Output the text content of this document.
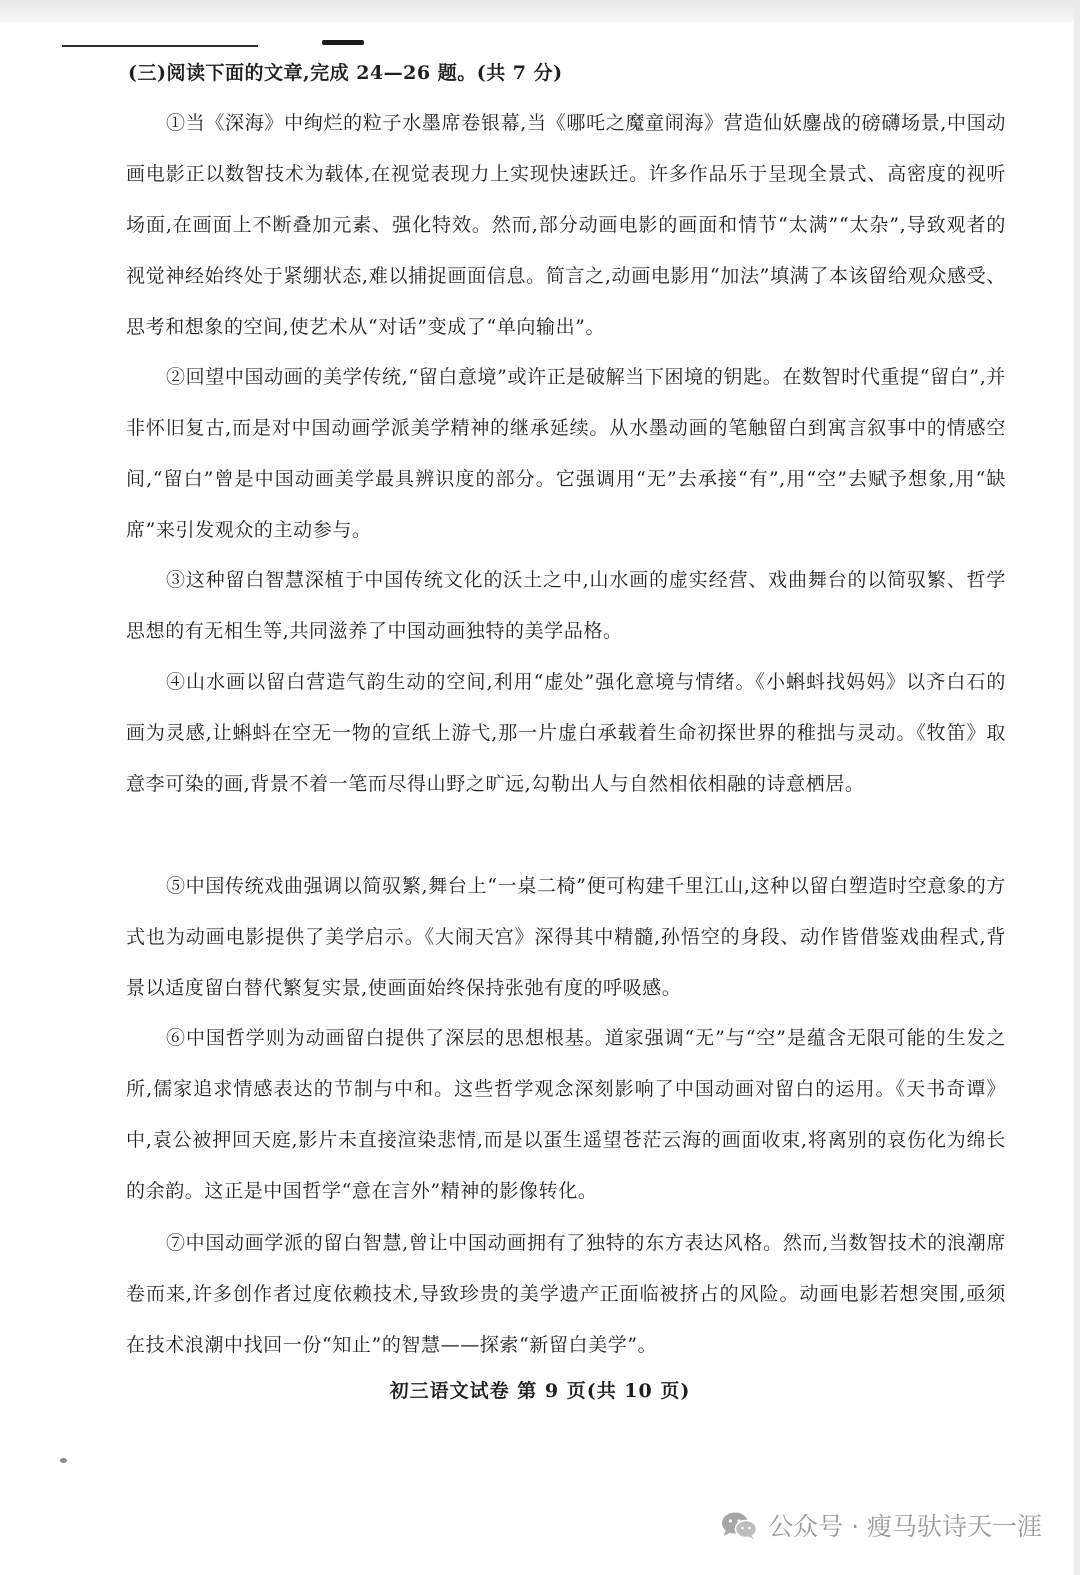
(三)阅读下面的文章,完成 24—26 题。(共 7 分)

①当《深海》中绚烂的粒子水墨席卷银幕,当《哪吒之魔童闹海》营造仙妖鏖战的磅礴场景,中国动画电影正以数智技术为载体,在视觉表现力上实现快速跃迁。许多作品乐于呈现全景式、高密度的视听场面,在画面上不断叠加元素、强化特效。然而,部分动画电影的画面和情节“太满”“太杂”,导致观者的视觉神经始终处于紧绷状态,难以捕捉画面信息。简言之,动画电影用“加法”填满了本该留给观众感受、思考和想象的空间,使艺术从“对话”变成了“单向输出”。

②回望中国动画的美学传统,“留白意境”或许正是破解当下困境的钥匙。在数智时代重提“留白”,并非怀旧复古,而是对中国动画学派美学精神的继承延续。从水墨动画的笔触留白到寓言叙事中的情感空间,“留白”曾是中国动画美学最具辨识度的部分。它强调用“无”去承接“有”,用“空”去赋予想象,用“缺席”来引发观众的主动参与。

③这种留白智慧深植于中国传统文化的沃土之中,山水画的虚实经营、戏曲舞台的以简驭繁、哲学思想的有无相生等,共同滋养了中国动画独特的美学品格。

④山水画以留白营造气韵生动的空间,利用“虚处”强化意境与情绪。《小蝌蚪找妈妈》以齐白石的画为灵感,让蝌蚪在空无一物的宣纸上游弋,那一片虚白承载着生命初探世界的稚拙与灵动。《牧笛》取意李可染的画,背景不着一笔而尽得山野之旷远,勾勒出人与自然相依相融的诗意栖居。

⑤中国传统戏曲强调以简驭繁,舞台上“一桌二椅”便可构建千里江山,这种以留白塑造时空意象的方式也为动画电影提供了美学启示。《大闹天宫》深得其中精髓,孙悟空的身段、动作皆借鉴戏曲程式,背景以适度留白替代繁复实景,使画面始终保持张弛有度的呼吸感。

⑥中国哲学则为动画留白提供了深层的思想根基。道家强调“无”与“空”是蕴含无限可能的生发之所,儒家追求情感表达的节制与中和。这些哲学观念深刻影响了中国动画对留白的运用。《天书奇谭》中,袁公被押回天庭,影片未直接渲染悲情,而是以蛋生遥望苍茫云海的画面收束,将离别的哀伤化为绵长的余韵。这正是中国哲学“意在言外”精神的影像转化。

⑦中国动画学派的留白智慧,曾让中国动画拥有了独特的东方表达风格。然而,当数智技术的浪潮席卷而来,许多创作者过度依赖技术,导致珍贵的美学遗产正面临被挤占的风险。动画电影若想突围,亟须在技术浪潮中找回一份“知止”的智慧——探索“新留白美学”。

初三语文试卷 第 9 页(共 10 页)
公众号 · 瘦马驮诗天一涯
